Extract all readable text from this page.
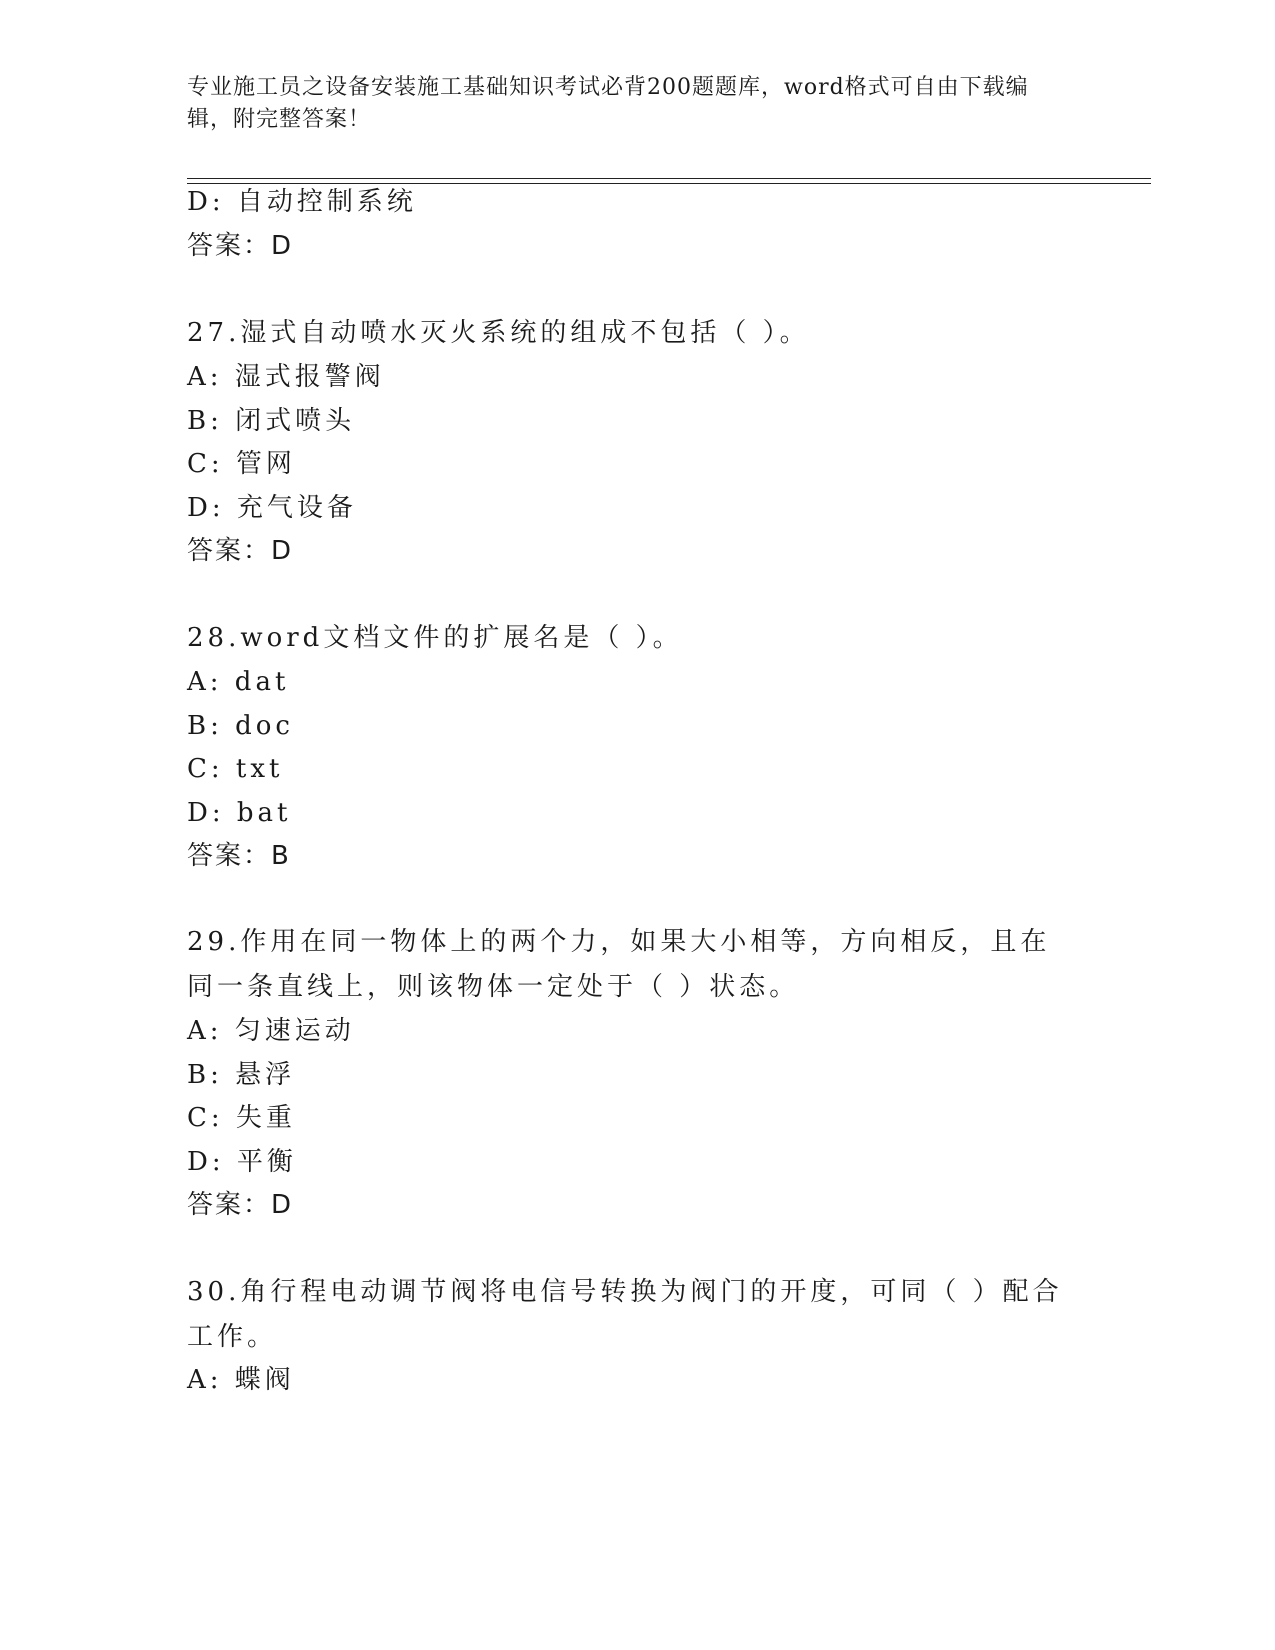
专业施工员之设备安装施工基础知识考试必背200题题库，word格式可自由下载编辑，附完整答案！
D: 自动控制系统
答案：D
27.湿式自动喷水灭火系统的组成不包括（ ）。
A: 湿式报警阀
B: 闭式喷头
C: 管网
D: 充气设备
答案：D
28.word文档文件的扩展名是（ ）。
A: dat
B: doc
C: txt
D: bat
答案：B
29.作用在同一物体上的两个力，如果大小相等，方向相反，且在同一条直线上，则该物体一定处于（ ）状态。
A: 匀速运动
B: 悬浮
C: 失重
D: 平衡
答案：D
30.角行程电动调节阀将电信号转换为阀门的开度，可同（ ）配合工作。
A: 蝶阀
